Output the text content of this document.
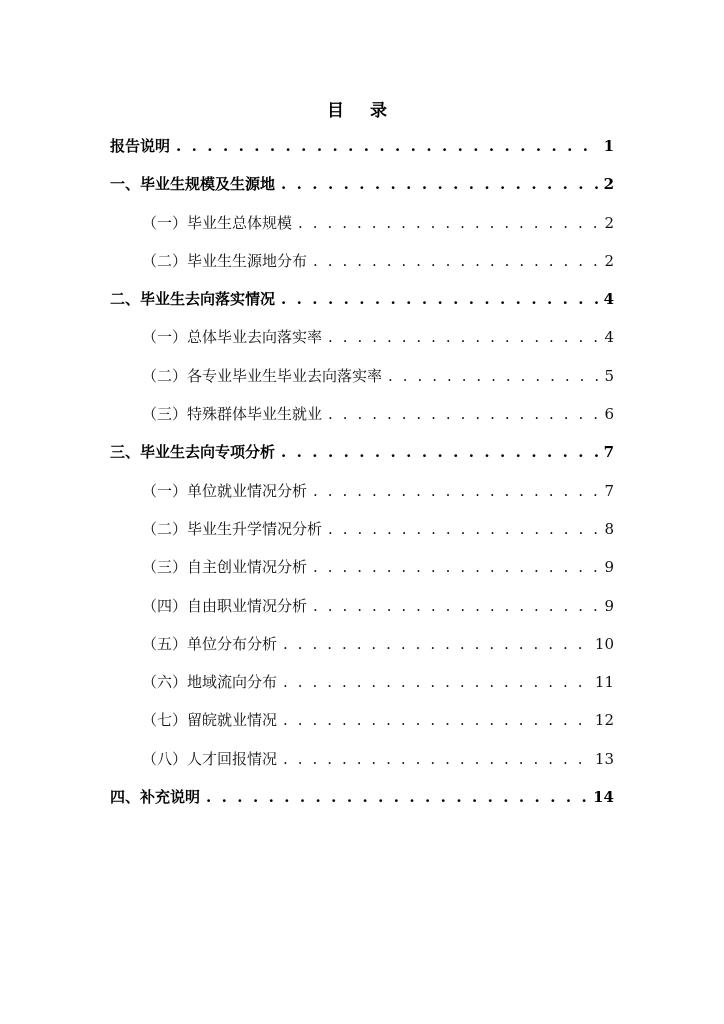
目 录
报告说明 . . .	1
一、毕业生规模及生源地 . . .	2
（一）毕业生总体规模 . . .	2
（二）毕业生生源地分布 . . .	2
二、毕业生去向落实情况 . . .	4
（一）总体毕业去向落实率 . . .	4
（二）各专业毕业生毕业去向落实率 . . .	5
（三）特殊群体毕业生就业 . . .	6
三、毕业生去向专项分析 . . .	7
（一）单位就业情况分析 . . .	7
（二）毕业生升学情况分析 . . .	8
（三）自主创业情况分析 . . .	9
（四）自由职业情况分析 . . .	9
（五）单位分布分析 . . .	10
（六）地域流向分布 . . .	11
（七）留皖就业情况 . . .	12
（八）人才回报情况 . . .	13
四、补充说明 . . .	14
